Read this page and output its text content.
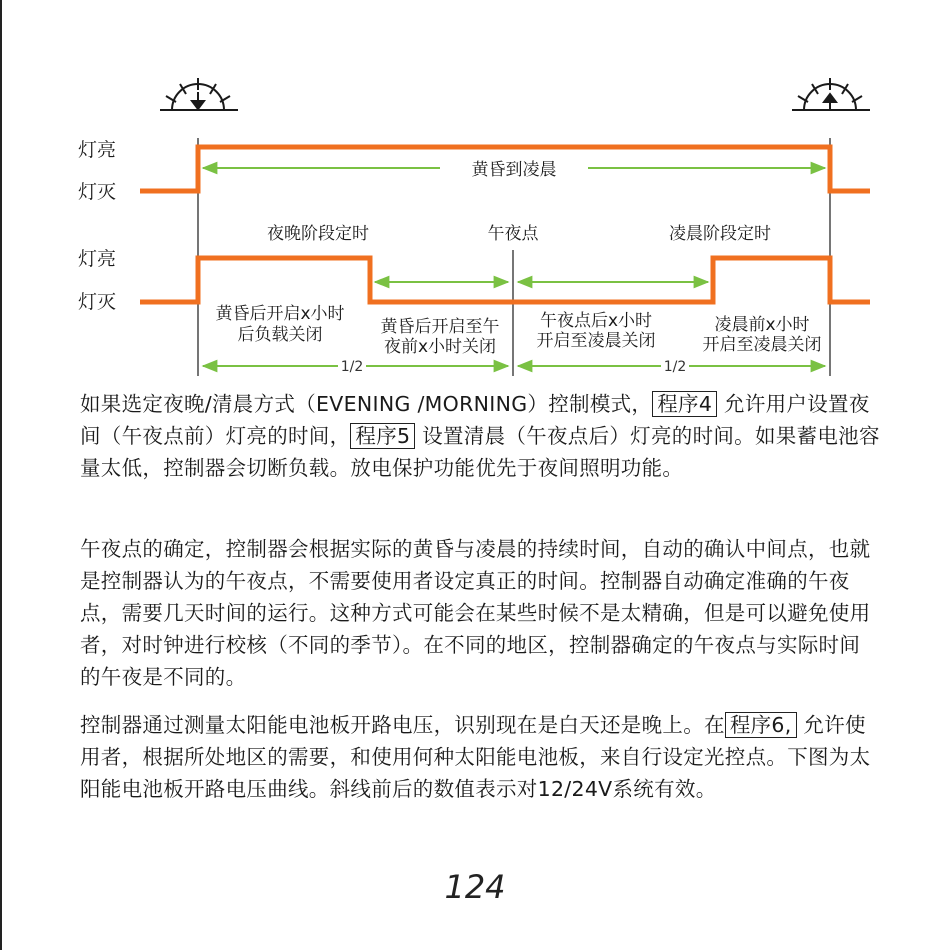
灯亮
灯灭
灯亮
灯灭
黄昏到凌晨
夜晚阶段定时	午夜点	凌晨阶段定时
黄昏后开启x小时
后负载关闭	黄昏后开启至午
夜前x小时关闭
午夜点后x小时
开启至凌晨关闭
凌晨前x小时
开启至凌晨关闭
1/2	1/2

如果选定夜晚/清晨方式（EVENING /MORNING）控制模式， 程序4 允许用户设置夜间（午夜点前）灯亮的时间， 程序5 设置清晨（午夜点后）灯亮的时间。如果蓄电池容量太低，控制器会切断负载。放电保护功能优先于夜间照明功能。

午夜点的确定，控制器会根据实际的黄昏与凌晨的持续时间，自动的确认中间点，也就是控制器认为的午夜点，不需要使用者设定真正的时间。控制器自动确定准确的午夜点，需要几天时间的运行。这种方式可能会在某些时候不是太精确，但是可以避免使用者，对时钟进行校核（不同的季节）。在不同的地区，控制器确定的午夜点与实际时间的午夜是不同的。

控制器通过测量太阳能电池板开路电压，识别现在是白天还是晚上。在 程序6, 允许使用者，根据所处地区的需要，和使用何种太阳能电池板，来自行设定光控点。下图为太阳能电池板开路电压曲线。斜线前后的数值表示对12/24V系统有效。

124
